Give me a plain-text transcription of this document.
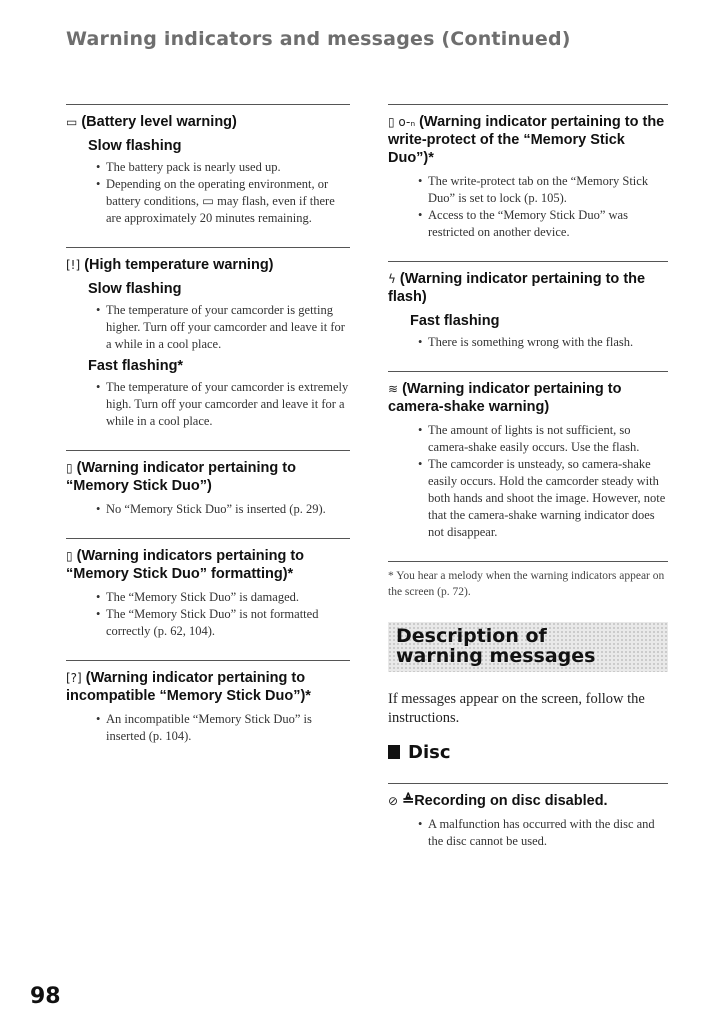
Warning indicators and messages (Continued)
▭ (Battery level warning)
Slow flashing
• The battery pack is nearly used up.
• Depending on the operating environment, or battery conditions, ▭ may flash, even if there are approximately 20 minutes remaining.
[!] (High temperature warning)
Slow flashing
• The temperature of your camcorder is getting higher. Turn off your camcorder and leave it for a while in a cool place.
Fast flashing*
• The temperature of your camcorder is extremely high. Turn off your camcorder and leave it for a while in a cool place.
▯ (Warning indicator pertaining to “Memory Stick Duo”)
• No “Memory Stick Duo” is inserted (p. 29).
▯ (Warning indicators pertaining to “Memory Stick Duo” formatting)*
• The “Memory Stick Duo” is damaged.
• The “Memory Stick Duo” is not formatted correctly (p. 62, 104).
[?] (Warning indicator pertaining to incompatible “Memory Stick Duo”)*
• An incompatible “Memory Stick Duo” is inserted (p. 104).
▯ o-ₙ (Warning indicator pertaining to the write-protect of the “Memory Stick Duo”)*
• The write-protect tab on the “Memory Stick Duo” is set to lock (p. 105).
• Access to the “Memory Stick Duo” was restricted on another device.
ϟ (Warning indicator pertaining to the flash)
Fast flashing
• There is something wrong with the flash.
≋ (Warning indicator pertaining to camera-shake warning)
• The amount of lights is not sufficient, so camera-shake easily occurs. Use the flash.
• The camcorder is unsteady, so camera-shake easily occurs. Hold the camcorder steady with both hands and shoot the image. However, note that the camera-shake warning indicator does not disappear.
* You hear a melody when the warning indicators appear on the screen (p. 72).
Description of warning messages
If messages appear on the screen, follow the instructions.
Disc
⊘ ≜Recording on disc disabled.
• A malfunction has occurred with the disc and the disc cannot be used.
98
